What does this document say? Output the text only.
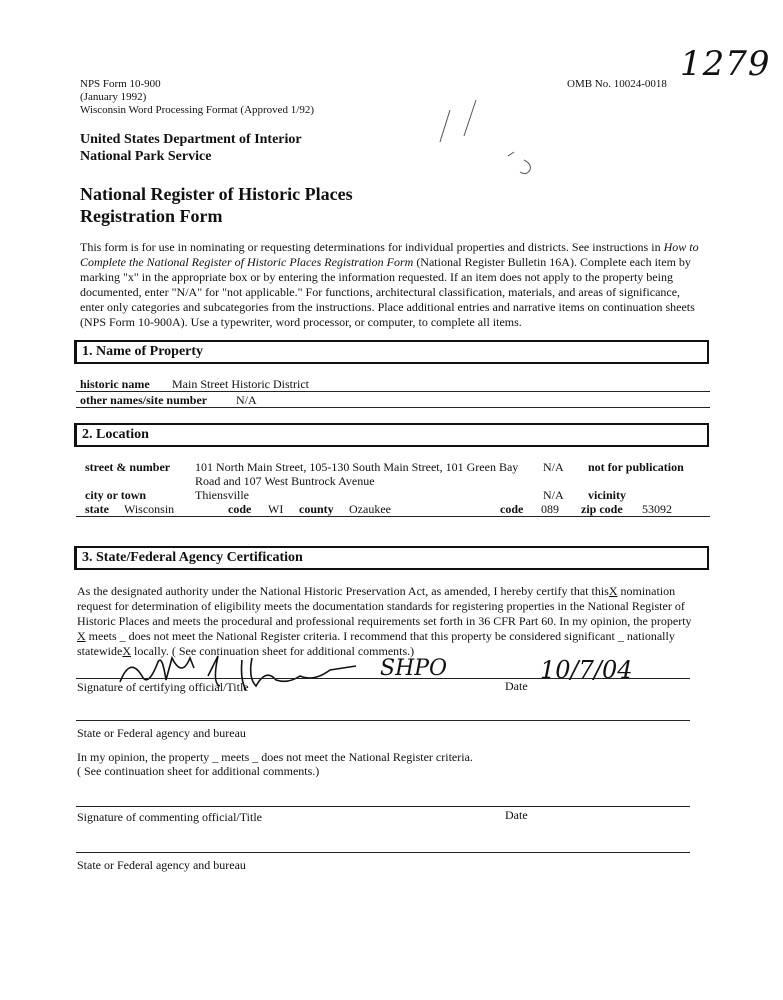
1279
NPS Form 10-900
(January 1992)
Wisconsin Word Processing Format (Approved 1/92)
OMB No. 10024-0018
United States Department of Interior
National Park Service
National Register of Historic Places
Registration Form
This form is for use in nominating or requesting determinations for individual properties and districts. See instructions in How to
Complete the National Register of Historic Places Registration Form (National Register Bulletin 16A). Complete each item by
marking "x" in the appropriate box or by entering the information requested. If an item does not apply to the property being
documented, enter "N/A" for "not applicable." For functions, architectural classification, materials, and areas of significance,
enter only categories and subcategories from the instructions. Place additional entries and narrative items on continuation sheets
(NPS Form 10-900A). Use a typewriter, word processor, or computer, to complete all items.
1. Name of Property
historic name Main Street Historic District
other names/site number N/A
2. Location
street & number 101 North Main Street, 105-130 South Main Street, 101 Green Bay
Road and 107 West Buntrock Avenue
N/A not for publication
city or town	Thiensville	N/A vicinity
state Wisconsin	code WI county Ozaukee	code 089 zip code 53092
3. State/Federal Agency Certification
As the designated authority under the National Historic Preservation Act, as amended, I hereby certify that thisX nomination
request for determination of eligibility meets the documentation standards for registering properties in the National Register of
Historic Places and meets the procedural and professional requirements set forth in 36 CFR Part 60. In my opinion, the property
X meets _ does not meet the National Register criteria. I recommend that this property be considered significant _ nationally
statewideX locally. ( See continuation sheet for additional comments.)
SHPO	10/7/04
Signature of certifying official/Title	Date
State or Federal agency and bureau
In my opinion, the property _ meets _ does not meet the National Register criteria.
( See continuation sheet for additional comments.)
Signature of commenting official/Title	Date
State or Federal agency and bureau
